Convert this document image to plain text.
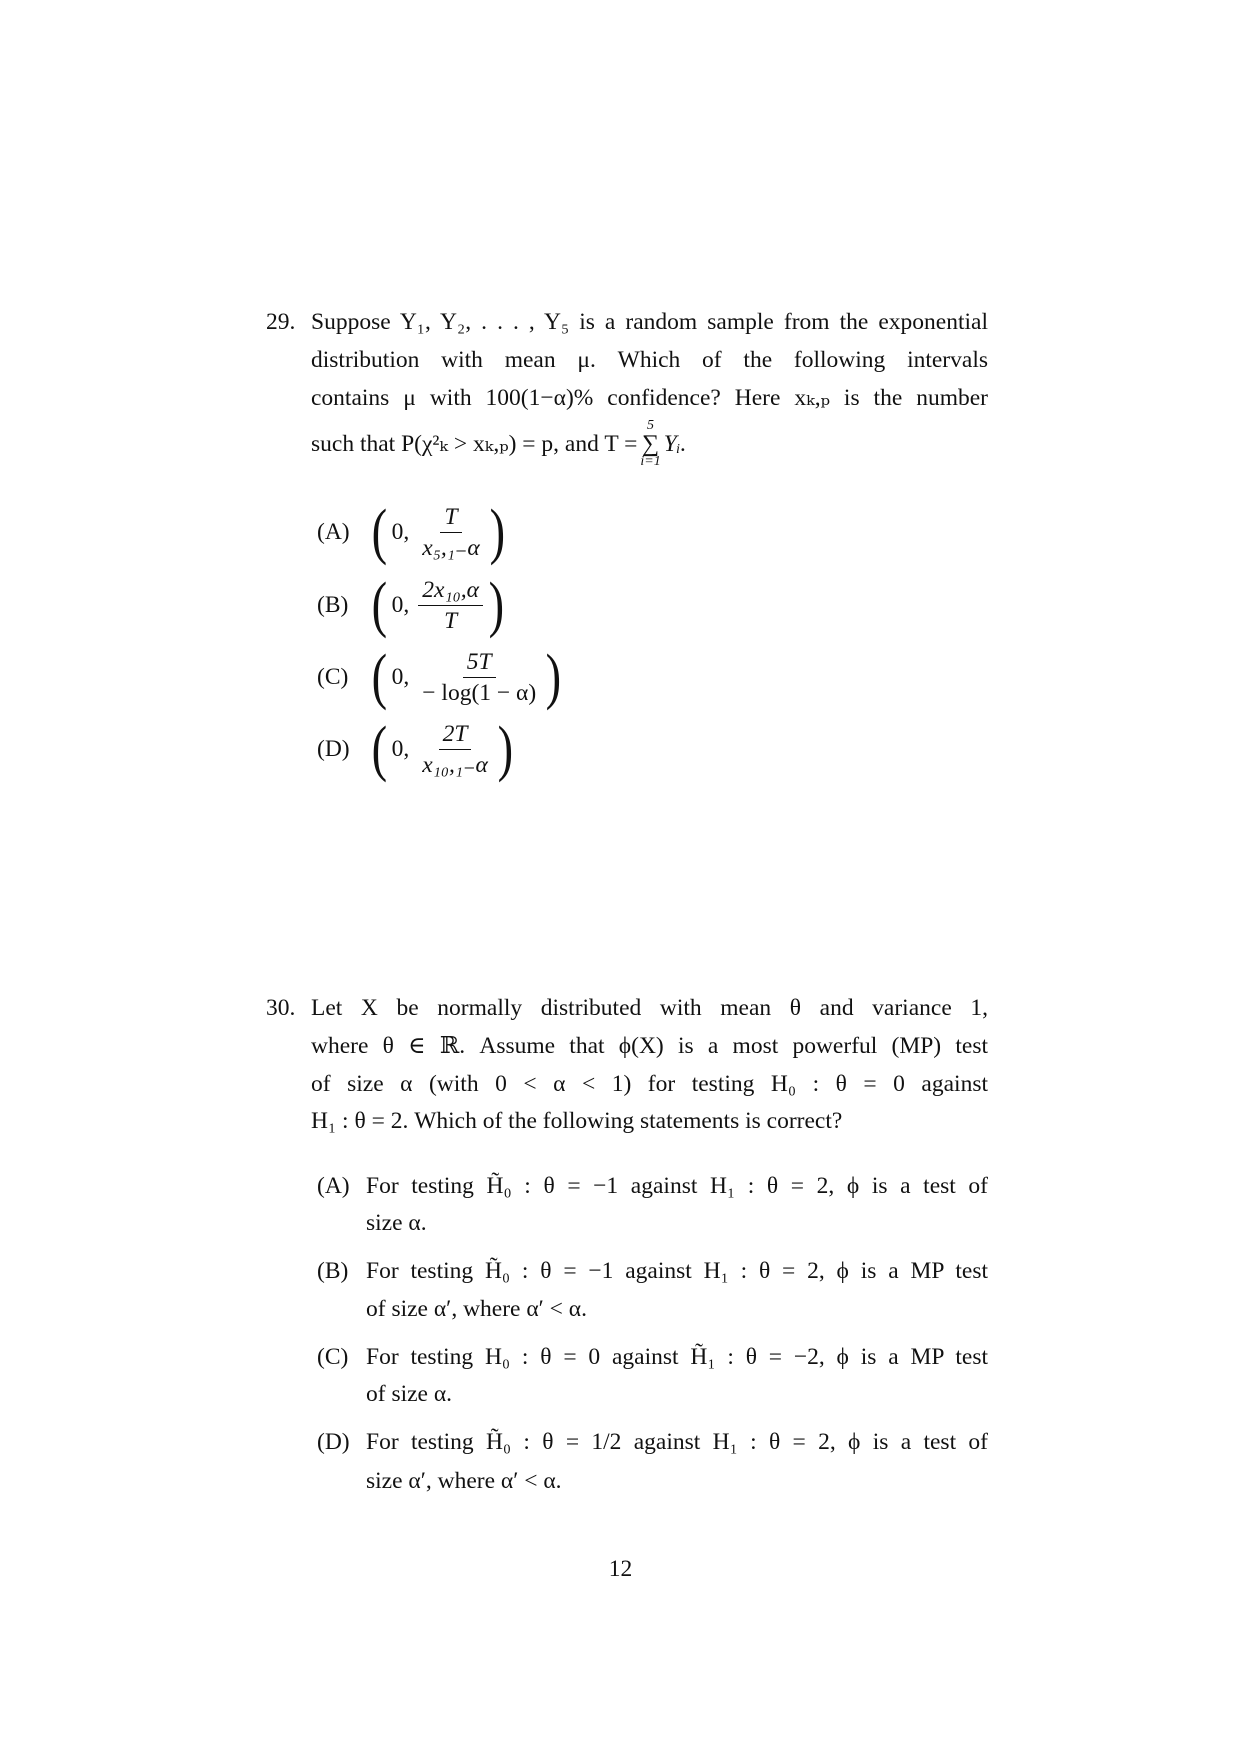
29. Suppose Y₁, Y₂, . . . , Y₅ is a random sample from the exponential
distribution with mean μ. Which of the following intervals
contains μ with 100(1−α)% confidence? Here xₖ,ₚ is the number
such that P(χ²ₖ > xₖ,ₚ) = p, and T =
5
∑
i=1
Yᵢ.
(A) ( 0, $\frac{T}{\text{x₅,₁₋α}}$ )
(B) ( 0, $\frac{\text{2x₁₀,α}}{T}$ )
(C) ( 0, $\frac{5T}{- \log(1 - \alpha)}$ )
(D) ( 0, $\frac{2T}{\text{x₁₀,₁₋α}}$ )
30. Let X be normally distributed with mean θ and variance 1,
where θ ∈ ℝ. Assume that ϕ(X) is a most powerful (MP) test
of size α (with 0 < α < 1) for testing H₀ : θ = 0 against
H₁ : θ = 2. Which of the following statements is correct?
(A) For testing H̃₀ : θ = −1 against H₁ : θ = 2, ϕ is a test of
size α.
(B) For testing H̃₀ : θ = −1 against H₁ : θ = 2, ϕ is a MP test
of size α′, where α′ < α.
(C) For testing H₀ : θ = 0 against H̃₁ : θ = −2, ϕ is a MP test
of size α.
(D) For testing H̃₀ : θ = 1/2 against H₁ : θ = 2, ϕ is a test of
size α′, where α′ < α.
12
